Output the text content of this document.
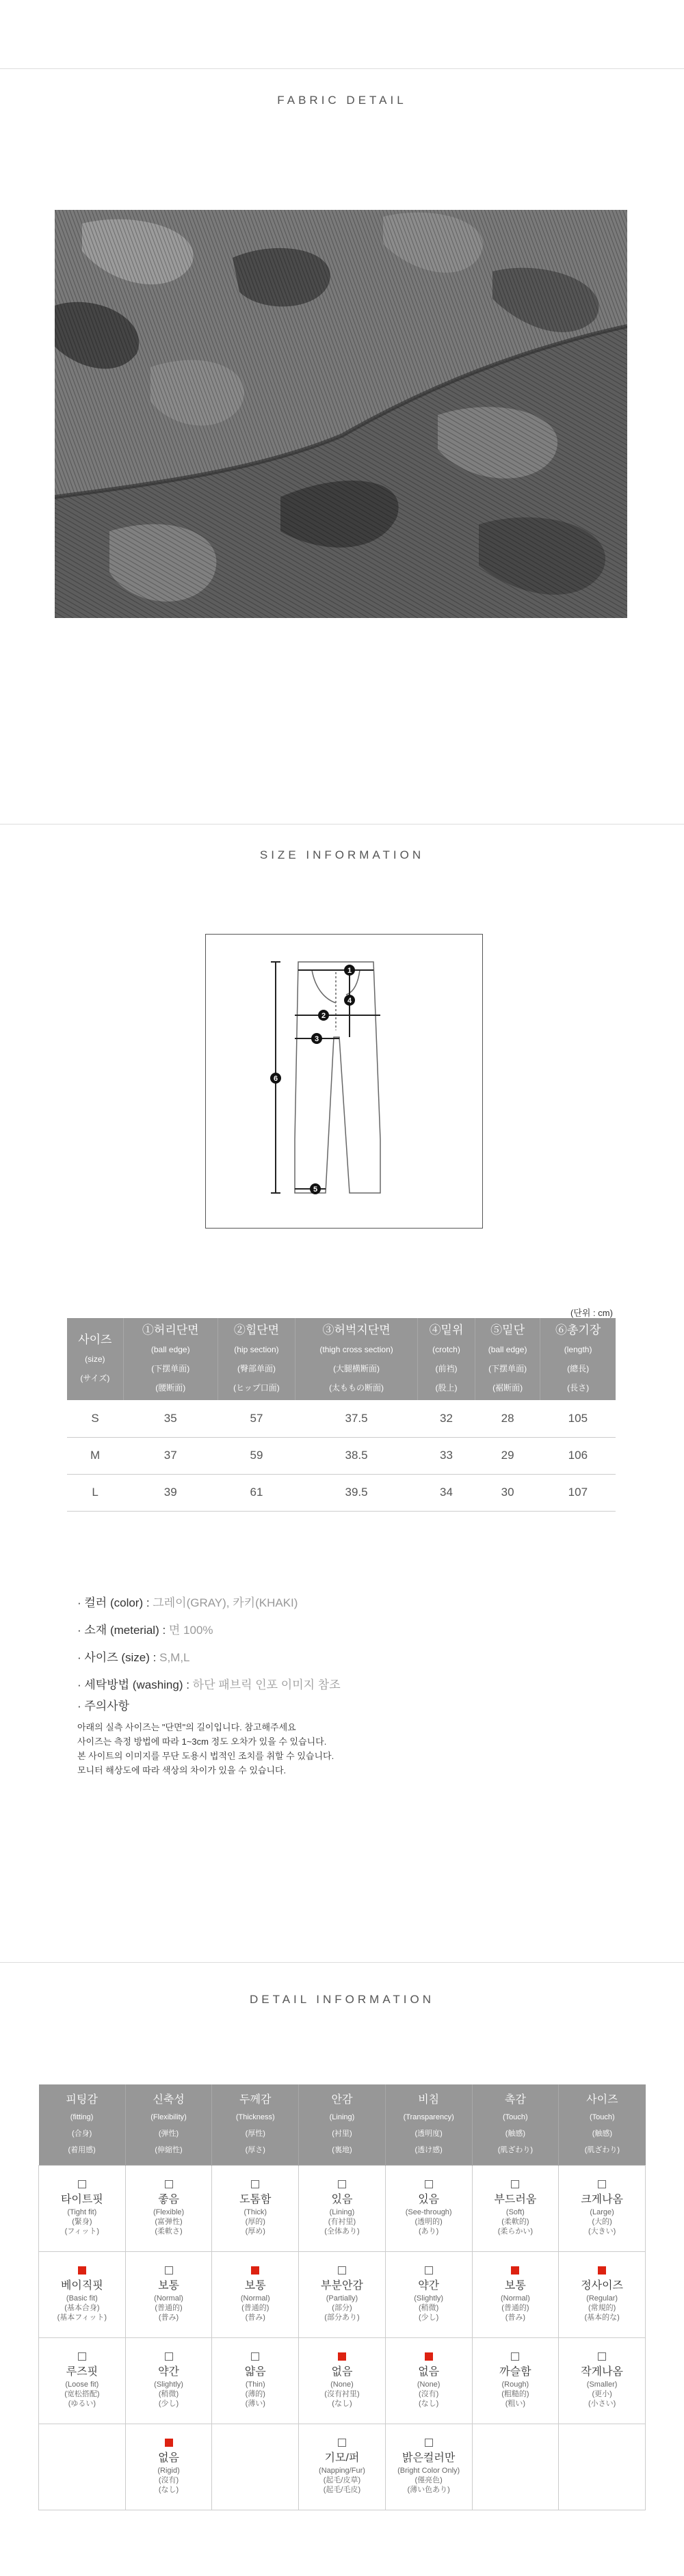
FABRIC DETAIL
SIZE INFORMATION
1
2
3
4
5
6
(단위 : cm)
사이즈
(size)
(サイズ)	①허리단면
(ball edge)
(下摆单面)
(腰断面)	②힙단면
(hip section)
(臀部单面)
(ヒップ口面)	③허벅지단면
(thigh cross section)
(大腿横断面)
(太ももの断面)	④밑위
(crotch)
(前裆)
(股上)	⑤밑단
(ball edge)
(下摆单面)
(裾断面)	⑥총기장
(length)
(總長)
(長さ)

S	35	57	37.5	32	28	105
M	37	59	38.5	33	29	106
L	39	61	39.5	34	30	107
· 컬러 (color) : 그레이(GRAY), 카키(KHAKI)
· 소재 (meterial) : 면 100%
· 사이즈 (size) : S,M,L
· 세탁방법 (washing) : 하단 패브릭 인포 이미지 참조
· 주의사항

아래의 실측 사이즈는 "단면"의 길이입니다. 참고해주세요

사이즈는 측정 방법에 따라 1~3cm 정도 오차가 있을 수 있습니다.

본 사이트의 이미지를 무단 도용시 법적인 조치를 취할 수 있습니다.

모니터 해상도에 따라 색상의 차이가 있을 수 있습니다.

DETAIL INFORMATION
피팅감
(fitting)
(合身)
(着用感)	신축성
(Flexibility)
(弹性)
(伸縮性)	두께감
(Thickness)
(厚性)
(厚さ)	안감
(Lining)
(衬里)
(裏地)	비침
(Transparency)
(透明度)
(透け感)	촉감
(Touch)
(触感)
(肌ざわり)	사이즈
(Touch)
(触感)
(肌ざわり)

타이트핏
(Tight fit)
(緊身)
(フィット)	좋음
(Flexible)
(富弹性)
(柔軟さ)	도톰함
(Thick)
(厚的)
(厚め)	있음
(Lining)
(有衬里)
(全体あり)	있음
(See-through)
(透明的)
(あり)	부드러움
(Soft)
(柔軟的)
(柔らかい)	크게나옴
(Large)
(大的)
(大きい)

베이직핏
(Basic fit)
(基本合身)
(基本フィット)	보통
(Normal)
(普通的)
(普み)	보통
(Normal)
(普通的)
(普み)	부분안감
(Partially)
(部分)
(部分あり)	약간
(Slightly)
(稍微)
(少し)	보통
(Normal)
(普通的)
(普み)	정사이즈
(Regular)
(常規的)
(基本的な)

루즈핏
(Loose fit)
(宽松搭配)
(ゆるい)	약간
(Slightly)
(稍微)
(少し)	얇음
(Thin)
(薄的)
(薄い)	없음
(None)
(沒有衬里)
(なし)	없음
(None)
(沒有)
(なし)	까슬함
(Rough)
(粗糙的)
(粗い)	작게나옴
(Smaller)
(更小)
(小さい)

	없음
(Rigid)
(沒有)
(なし)		기모/퍼
(Napping/Fur)
(起毛/皮草)
(起毛/毛皮)	밝은컬러만
(Bright Color Only)
(僅亮色)
(薄い色あり)		
